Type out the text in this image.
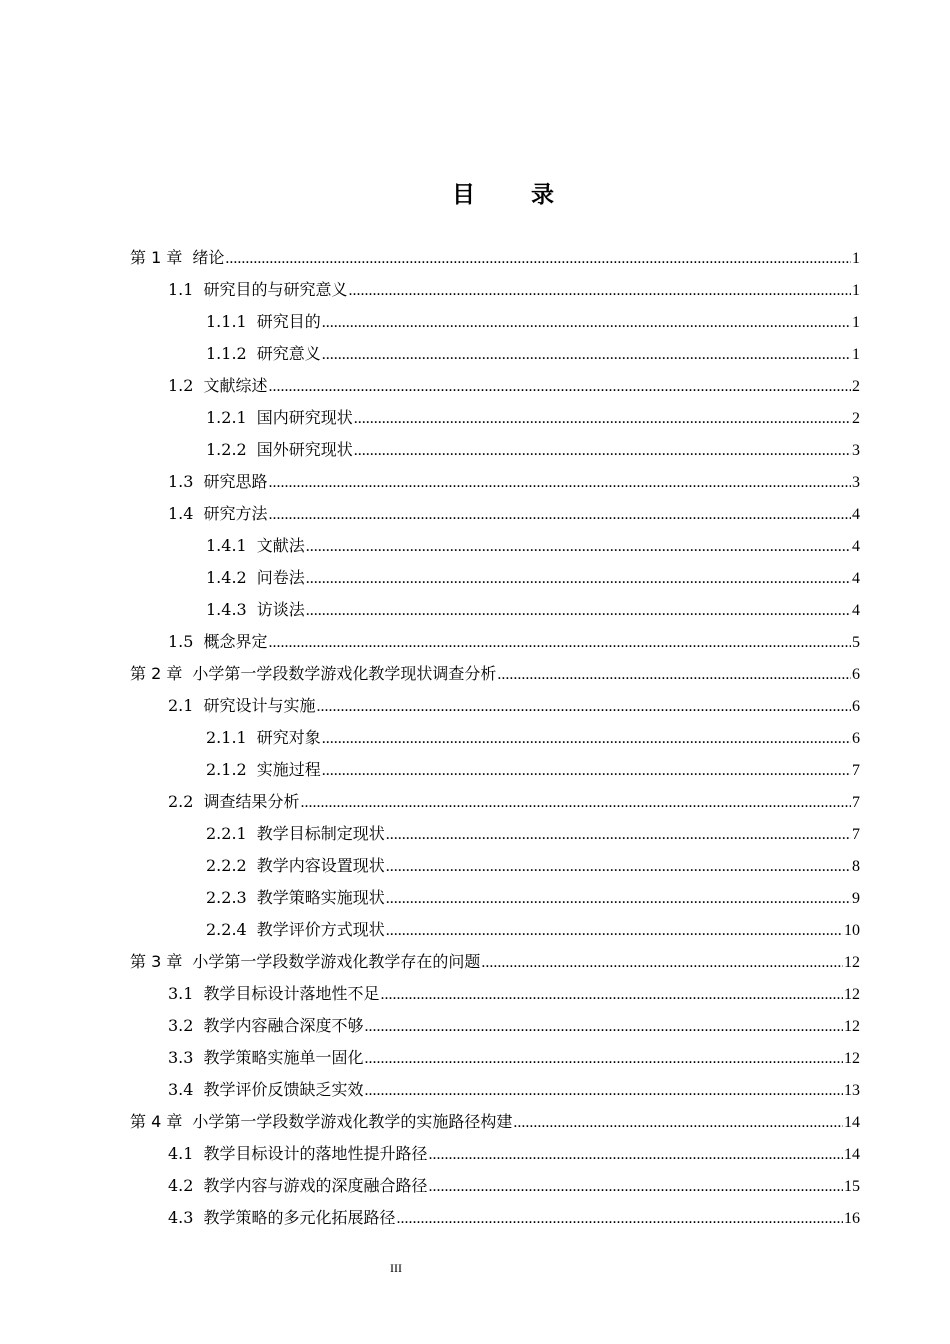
目 录
第 1 章 绪论 .....	1
1.1 研究目的与研究意义 .....	1
1.1.1 研究目的 .....	1
1.1.2 研究意义 .....	1
1.2 文献综述 .....	2
1.2.1 国内研究现状 .....	2
1.2.2 国外研究现状 .....	3
1.3 研究思路 .....	3
1.4 研究方法 .....	4
1.4.1 文献法 .....	4
1.4.2 问卷法 .....	4
1.4.3 访谈法 .....	4
1.5 概念界定 .....	5
第 2 章 小学第一学段数学游戏化教学现状调查分析 .....	6
2.1 研究设计与实施 .....	6
2.1.1 研究对象 .....	6
2.1.2 实施过程 .....	7
2.2 调查结果分析 .....	7
2.2.1 教学目标制定现状 .....	7
2.2.2 教学内容设置现状 .....	8
2.2.3 教学策略实施现状 .....	9
2.2.4 教学评价方式现状 .....	10
第 3 章 小学第一学段数学游戏化教学存在的问题 .....	12
3.1 教学目标设计落地性不足 .....	12
3.2 教学内容融合深度不够 .....	12
3.3 教学策略实施单一固化 .....	12
3.4 教学评价反馈缺乏实效 .....	13
第 4 章 小学第一学段数学游戏化教学的实施路径构建 .....	14
4.1 教学目标设计的落地性提升路径 .....	14
4.2 教学内容与游戏的深度融合路径 .....	15
4.3 教学策略的多元化拓展路径 .....	16
III
